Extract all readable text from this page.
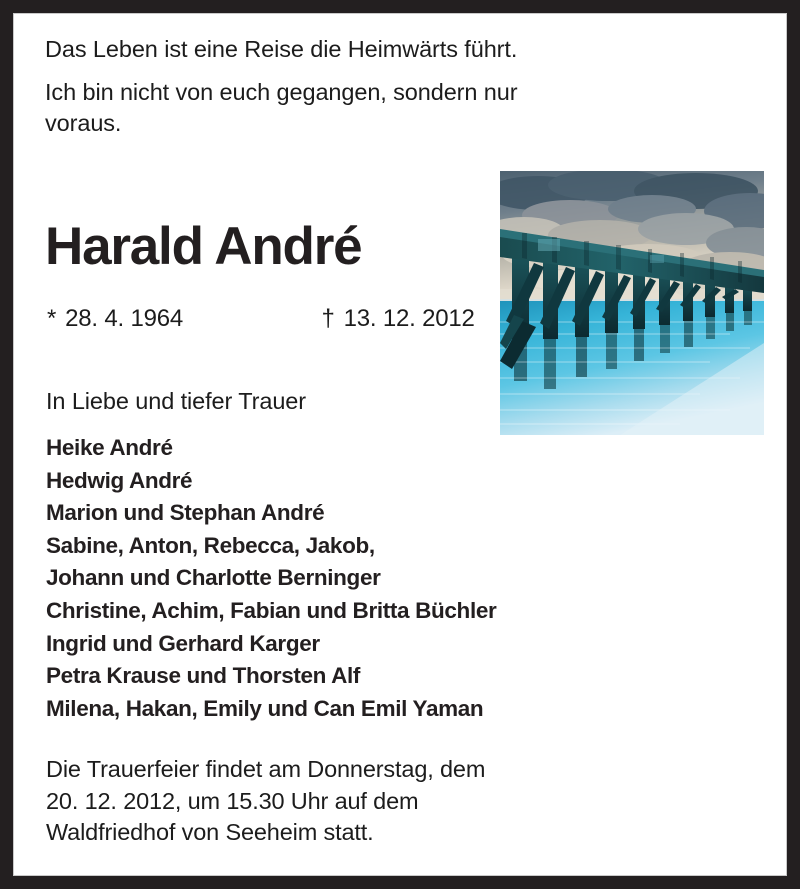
Das Leben ist eine Reise die Heimwärts führt.
Ich bin nicht von euch gegangen, sondern nur
voraus.
Harald André
* 28. 4. 1964	† 13. 12. 2012
In Liebe und tiefer Trauer
Heike André
Hedwig André
Marion und Stephan André
Sabine, Anton, Rebecca, Jakob,
Johann und Charlotte Berninger
Christine, Achim, Fabian und Britta Büchler
Ingrid und Gerhard Karger
Petra Krause und Thorsten Alf
Milena, Hakan, Emily und Can Emil Yaman
Die Trauerfeier findet am Donnerstag, dem
20. 12. 2012, um 15.30 Uhr auf dem
Waldfriedhof von Seeheim statt.
